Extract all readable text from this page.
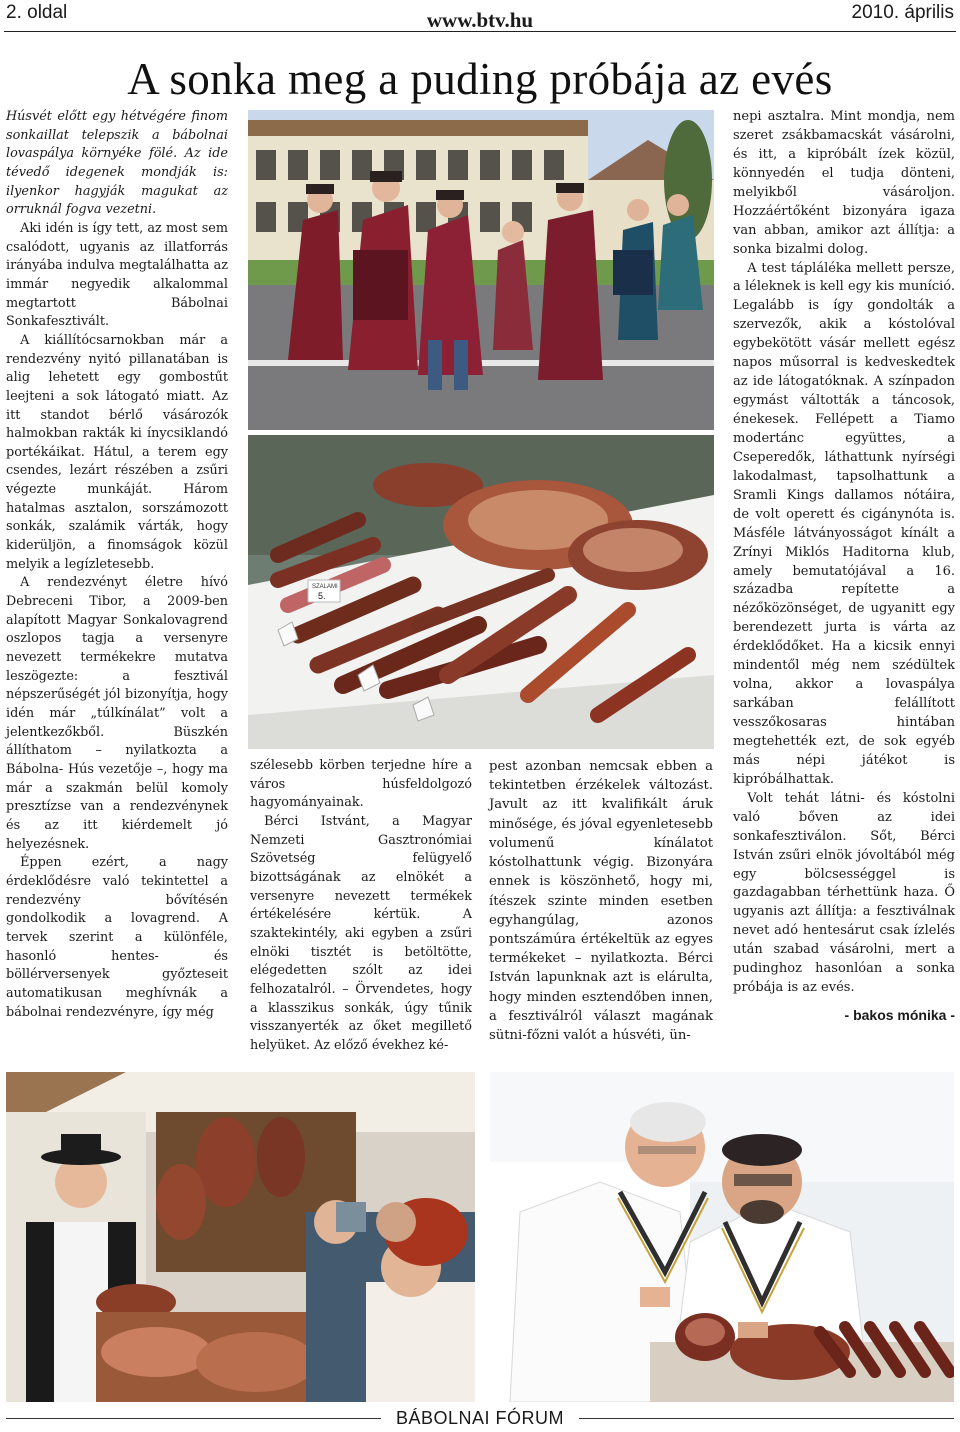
2. oldal	www.btv.hu	2010. április
A sonka meg a puding próbája az evés

Húsvét előtt egy hétvégére finom sonkaillat telepszik a bábolnai lovaspálya környéke fölé. Az ide tévedő idegenek mondják is: ilyenkor hagyják magukat az orruknál fogva vezetni.

Aki idén is így tett, az most sem csalódott, ugyanis az illatforrás irányába indulva megtalálhatta az immár negyedik alkalommal megtartott Bábolnai Sonkafesztivált.

A kiállítócsarnokban már a rendezvény nyitó pillanatában is alig lehetett egy gombostűt leejteni a sok látogató miatt. Az itt standot bérlő vásározók halmokban rakták ki ínycsiklandó portékáikat. Hátul, a terem egy csendes, lezárt részében a zsűri végezte munkáját. Három hatalmas asztalon, sorszámozott sonkák, szalámik várták, hogy kiderüljön, a finomságok közül melyik a legízletesebb.

A rendezvényt életre hívó Debreceni Tibor, a 2009-ben alapított Magyar Sonkalovagrend oszlopos tagja a versenyre nevezett termékekre mutatva leszögezte: a fesztivál népszerűségét jól bizonyítja, hogy idén már „túlkínálat” volt a jelentkezőkből. Büszkén állíthatom – nyilatkozta a Bábolna- Hús vezetője –, hogy ma már a szakmán belül komoly presztízse van a rendezvénynek és az itt kiérdemelt jó helyezésnek.

Éppen ezért, a nagy érdeklődésre való tekintettel a rendezvény bővítésén gondolkodik a lovagrend. A tervek szerint a különféle, hasonló hentes- és böllérversenyek győzteseit automatikusan meghívnák a bábolnai rendezvényre, így még

SZALAMI
5.

szélesebb körben terjedne híre a város húsfeldolgozó hagyományainak.

Bérci Istvánt, a Magyar Nemzeti Gasztronómiai Szövetség felügyelő bizottságának az elnökét a versenyre nevezett termékek értékelésére kértük. A szaktekintély, aki egyben a zsűri elnöki tisztét is betöltötte, elégedetten szólt az idei felhozatalról. – Örvendetes, hogy a klasszikus sonkák, úgy tűnik visszanyerték az őket megillető helyüket. Az előző évekhez ké-

pest azonban nemcsak ebben a tekintetben érzékelek változást. Javult az itt kvalifikált áruk minősége, és jóval egyenletesebb volumenű kínálatot kóstolhattunk végig. Bizonyára ennek is köszönhető, hogy mi, ítészek szinte minden esetben egyhangúlag, azonos pontszámúra értékeltük az egyes termékeket – nyilatkozta. Bérci István lapunknak azt is elárulta, hogy minden esztendőben innen, a fesztiválról választ magának sütni-főzni valót a húsvéti, ün-

nepi asztalra. Mint mondja, nem szeret zsákbamacskát vásárolni, és itt, a kipróbált ízek közül, könnyedén el tudja dönteni, melyikből vásároljon. Hozzáértőként bizonyára igaza van abban, amikor azt állítja: a sonka bizalmi dolog.

A test tápláléka mellett persze, a léleknek is kell egy kis muníció. Legalább is így gondolták a szervezők, akik a kóstolóval egybekötött vásár mellett egész napos műsorral is kedveskedtek az ide látogatóknak. A színpadon egymást váltották a táncosok, énekesek. Fellépett a Tiamo modertánc együttes, a Cseperedők, láthattunk nyírségi lakodalmast, tapsolhattunk a Sramli Kings dallamos nótáira, de volt operett és cigánynóta is. Másféle látványosságot kínált a Zrínyi Miklós Haditorna klub, amely bemutatójával a 16. századba repítette a nézőközönséget, de ugyanitt egy berendezett jurta is várta az érdeklődőket. Ha a kicsik ennyi mindentől még nem szédültek volna, akkor a lovaspálya sarkában felállított vesszőkosaras hintában megtehették ezt, de sok egyéb más népi játékot is kipróbálhattak.

Volt tehát látni- és kóstolni való bőven az idei sonkafesztiválon. Sőt, Bérci István zsűri elnök jóvoltából még egy bölcsességgel is gazdagabban térhettünk haza. Ő ugyanis azt állítja: a fesztiválnak nevet adó hentesárut csak ízlelés után szabad vásárolni, mert a pudinghoz hasonlóan a sonka próbája is az evés.

- bakos mónika -

BÁBOLNAI FÓRUM
